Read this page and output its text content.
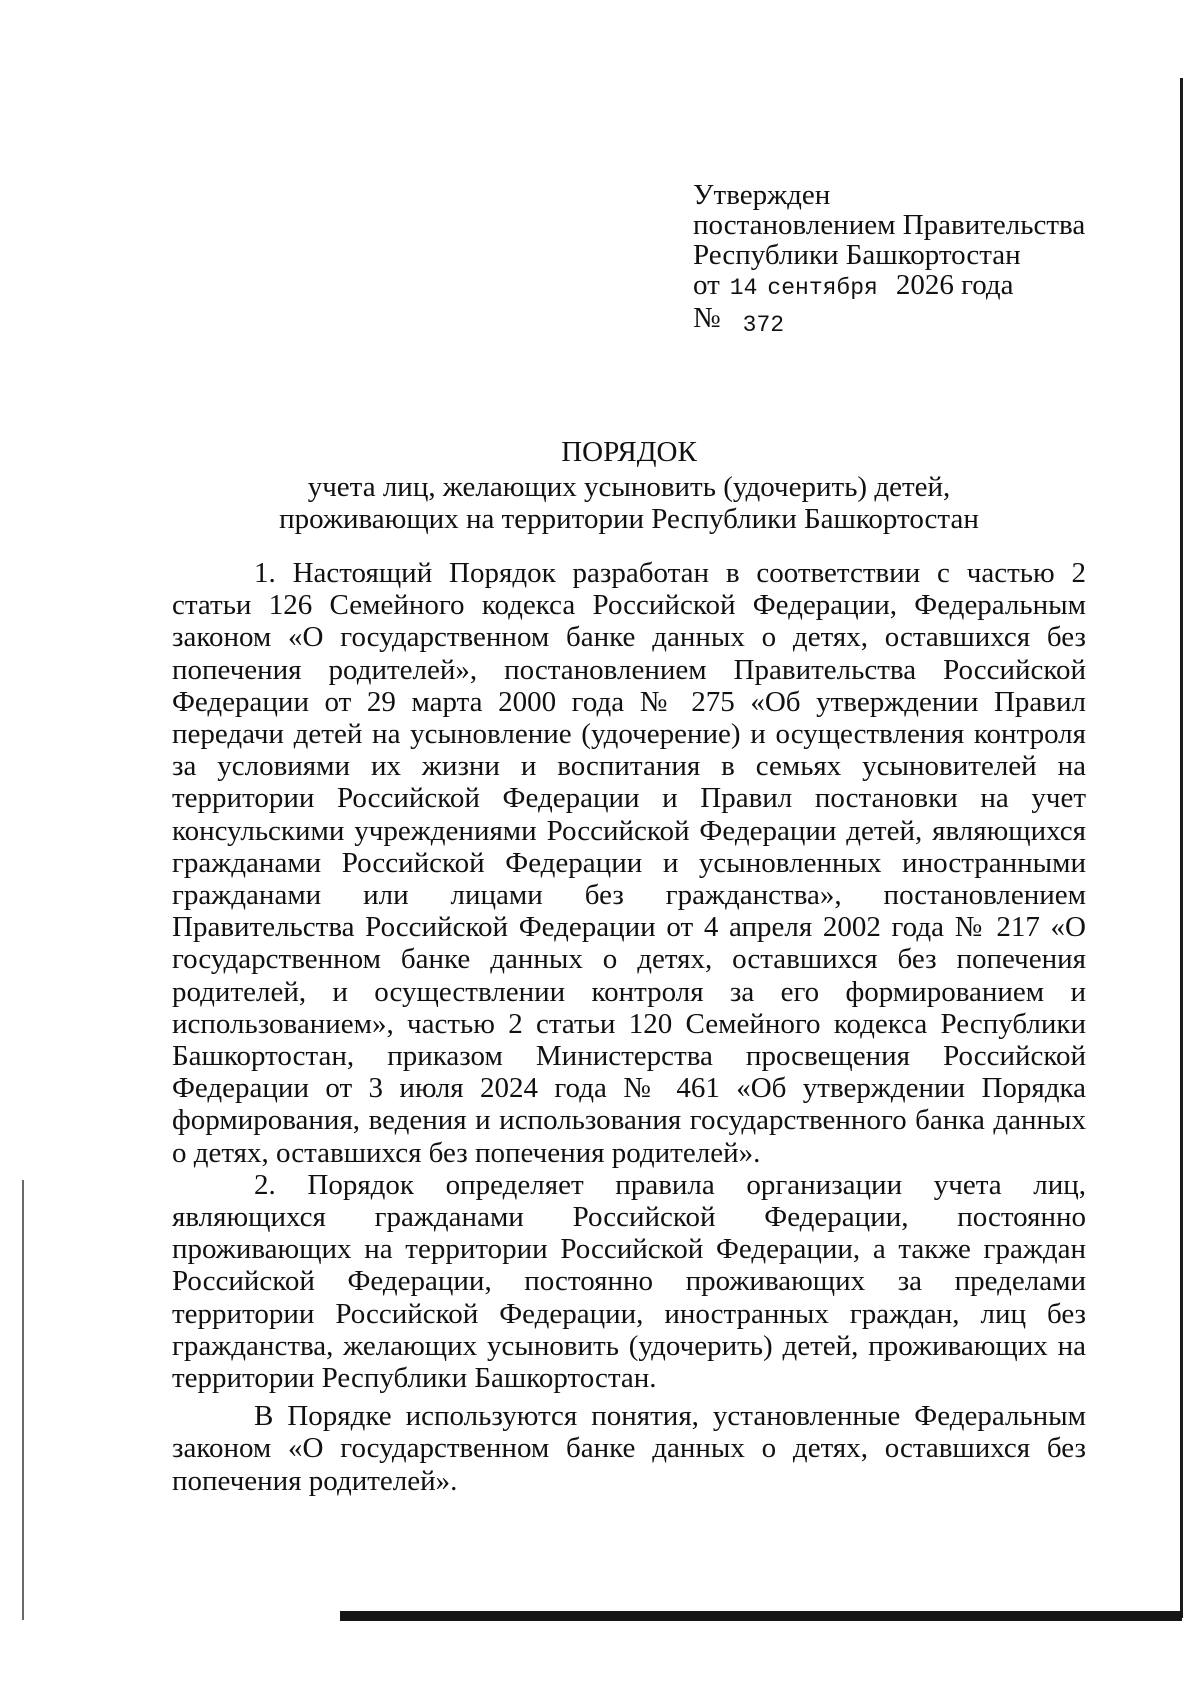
Утвержден
постановлением Правительства
Республики Башкортостан
от 14 сентября 2026 года
№ 372
ПОРЯДОК
учета лиц, желающих усыновить (удочерить) детей,
проживающих на территории Республики Башкортостан

1. Настоящий Порядок разработан в соответствии с частью 2 статьи 126 Семейного кодекса Российской Федерации, Федеральным законом «О государственном банке данных о детях, оставшихся без попечения родителей», постановлением Правительства Российской Федерации от 29 марта 2000 года № 275 «Об утверждении Правил передачи детей на усыновление (удочерение) и осуществления контроля за условиями их жизни и воспитания в семьях усыновителей на территории Российской Федерации и Правил постановки на учет консульскими учреждениями Российской Федерации детей, являющихся гражданами Российской Федерации и усыновленных иностранными гражданами или лицами без гражданства», постановлением Правительства Российской Федерации от 4 апреля 2002 года № 217 «О государственном банке данных о детях, оставшихся без попечения родителей, и осуществлении контроля за его формированием и использованием», частью 2 статьи 120 Семейного кодекса Республики Башкортостан, приказом Министерства просвещения Российской Федерации от 3 июля 2024 года № 461 «Об утверждении Порядка формирования, ведения и использования государственного банка данных о детях, оставшихся без попечения родителей».

2. Порядок определяет правила организации учета лиц, являющихся гражданами Российской Федерации, постоянно проживающих на территории Российской Федерации, а также граждан Российской Федерации, постоянно проживающих за пределами территории Российской Федерации, иностранных граждан, лиц без гражданства, желающих усыновить (удочерить) детей, проживающих на территории Республики Башкортостан.

В Порядке используются понятия, установленные Федеральным законом «О государственном банке данных о детях, оставшихся без попечения родителей».
